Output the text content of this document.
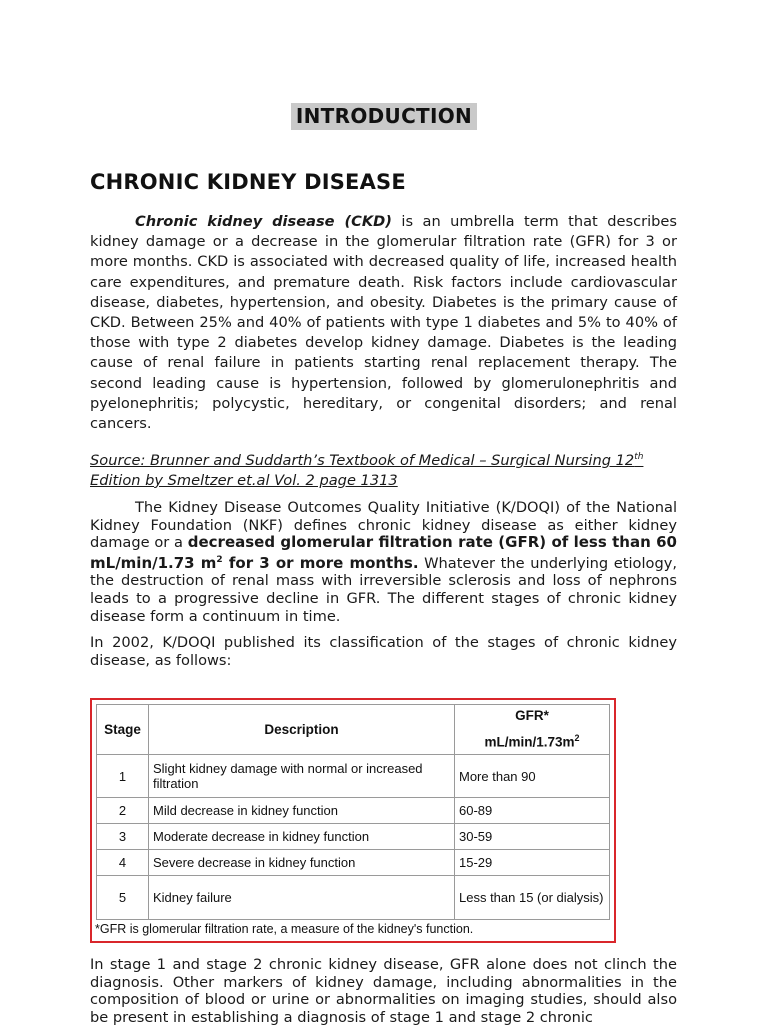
INTRODUCTION
CHRONIC KIDNEY DISEASE
Chronic kidney disease (CKD) is an umbrella term that describes kidney damage or a decrease in the glomerular filtration rate (GFR) for 3 or more months. CKD is associated with decreased quality of life, increased health care expenditures, and premature death. Risk factors include cardiovascular disease, diabetes, hypertension, and obesity. Diabetes is the primary cause of CKD. Between 25% and 40% of patients with type 1 diabetes and 5% to 40% of those with type 2 diabetes develop kidney damage. Diabetes is the leading cause of renal failure in patients starting renal replacement therapy. The second leading cause is hypertension, followed by glomerulonephritis and pyelonephritis; polycystic, hereditary, or congenital disorders; and renal cancers.
Source: Brunner and Suddarth’s Textbook of Medical – Surgical Nursing 12th Edition by Smeltzer et.al Vol. 2 page 1313
The Kidney Disease Outcomes Quality Initiative (K/DOQI) of the National Kidney Foundation (NKF) defines chronic kidney disease as either kidney damage or a decreased glomerular filtration rate (GFR) of less than 60 mL/min/1.73 $m^2$ for 3 or more months. Whatever the underlying etiology, the destruction of renal mass with irreversible sclerosis and loss of nephrons leads to a progressive decline in GFR. The different stages of chronic kidney disease form a continuum in time.
In 2002, K/DOQI published its classification of the stages of chronic kidney disease, as follows:
Stage	Description	GFR*
$mL/\min/1.73m^2$
1	Slight kidney damage with normal or increased filtration	More than 90
2	Mild decrease in kidney function	60-89
3	Moderate decrease in kidney function	30-59
4	Severe decrease in kidney function	15-29
5	Kidney failure	Less than 15 (or dialysis)
*GFR is glomerular filtration rate, a measure of the kidney's function.
In stage 1 and stage 2 chronic kidney disease, GFR alone does not clinch the diagnosis. Other markers of kidney damage, including abnormalities in the composition of blood or urine or abnormalities on imaging studies, should also be present in establishing a diagnosis of stage 1 and stage 2 chronic
